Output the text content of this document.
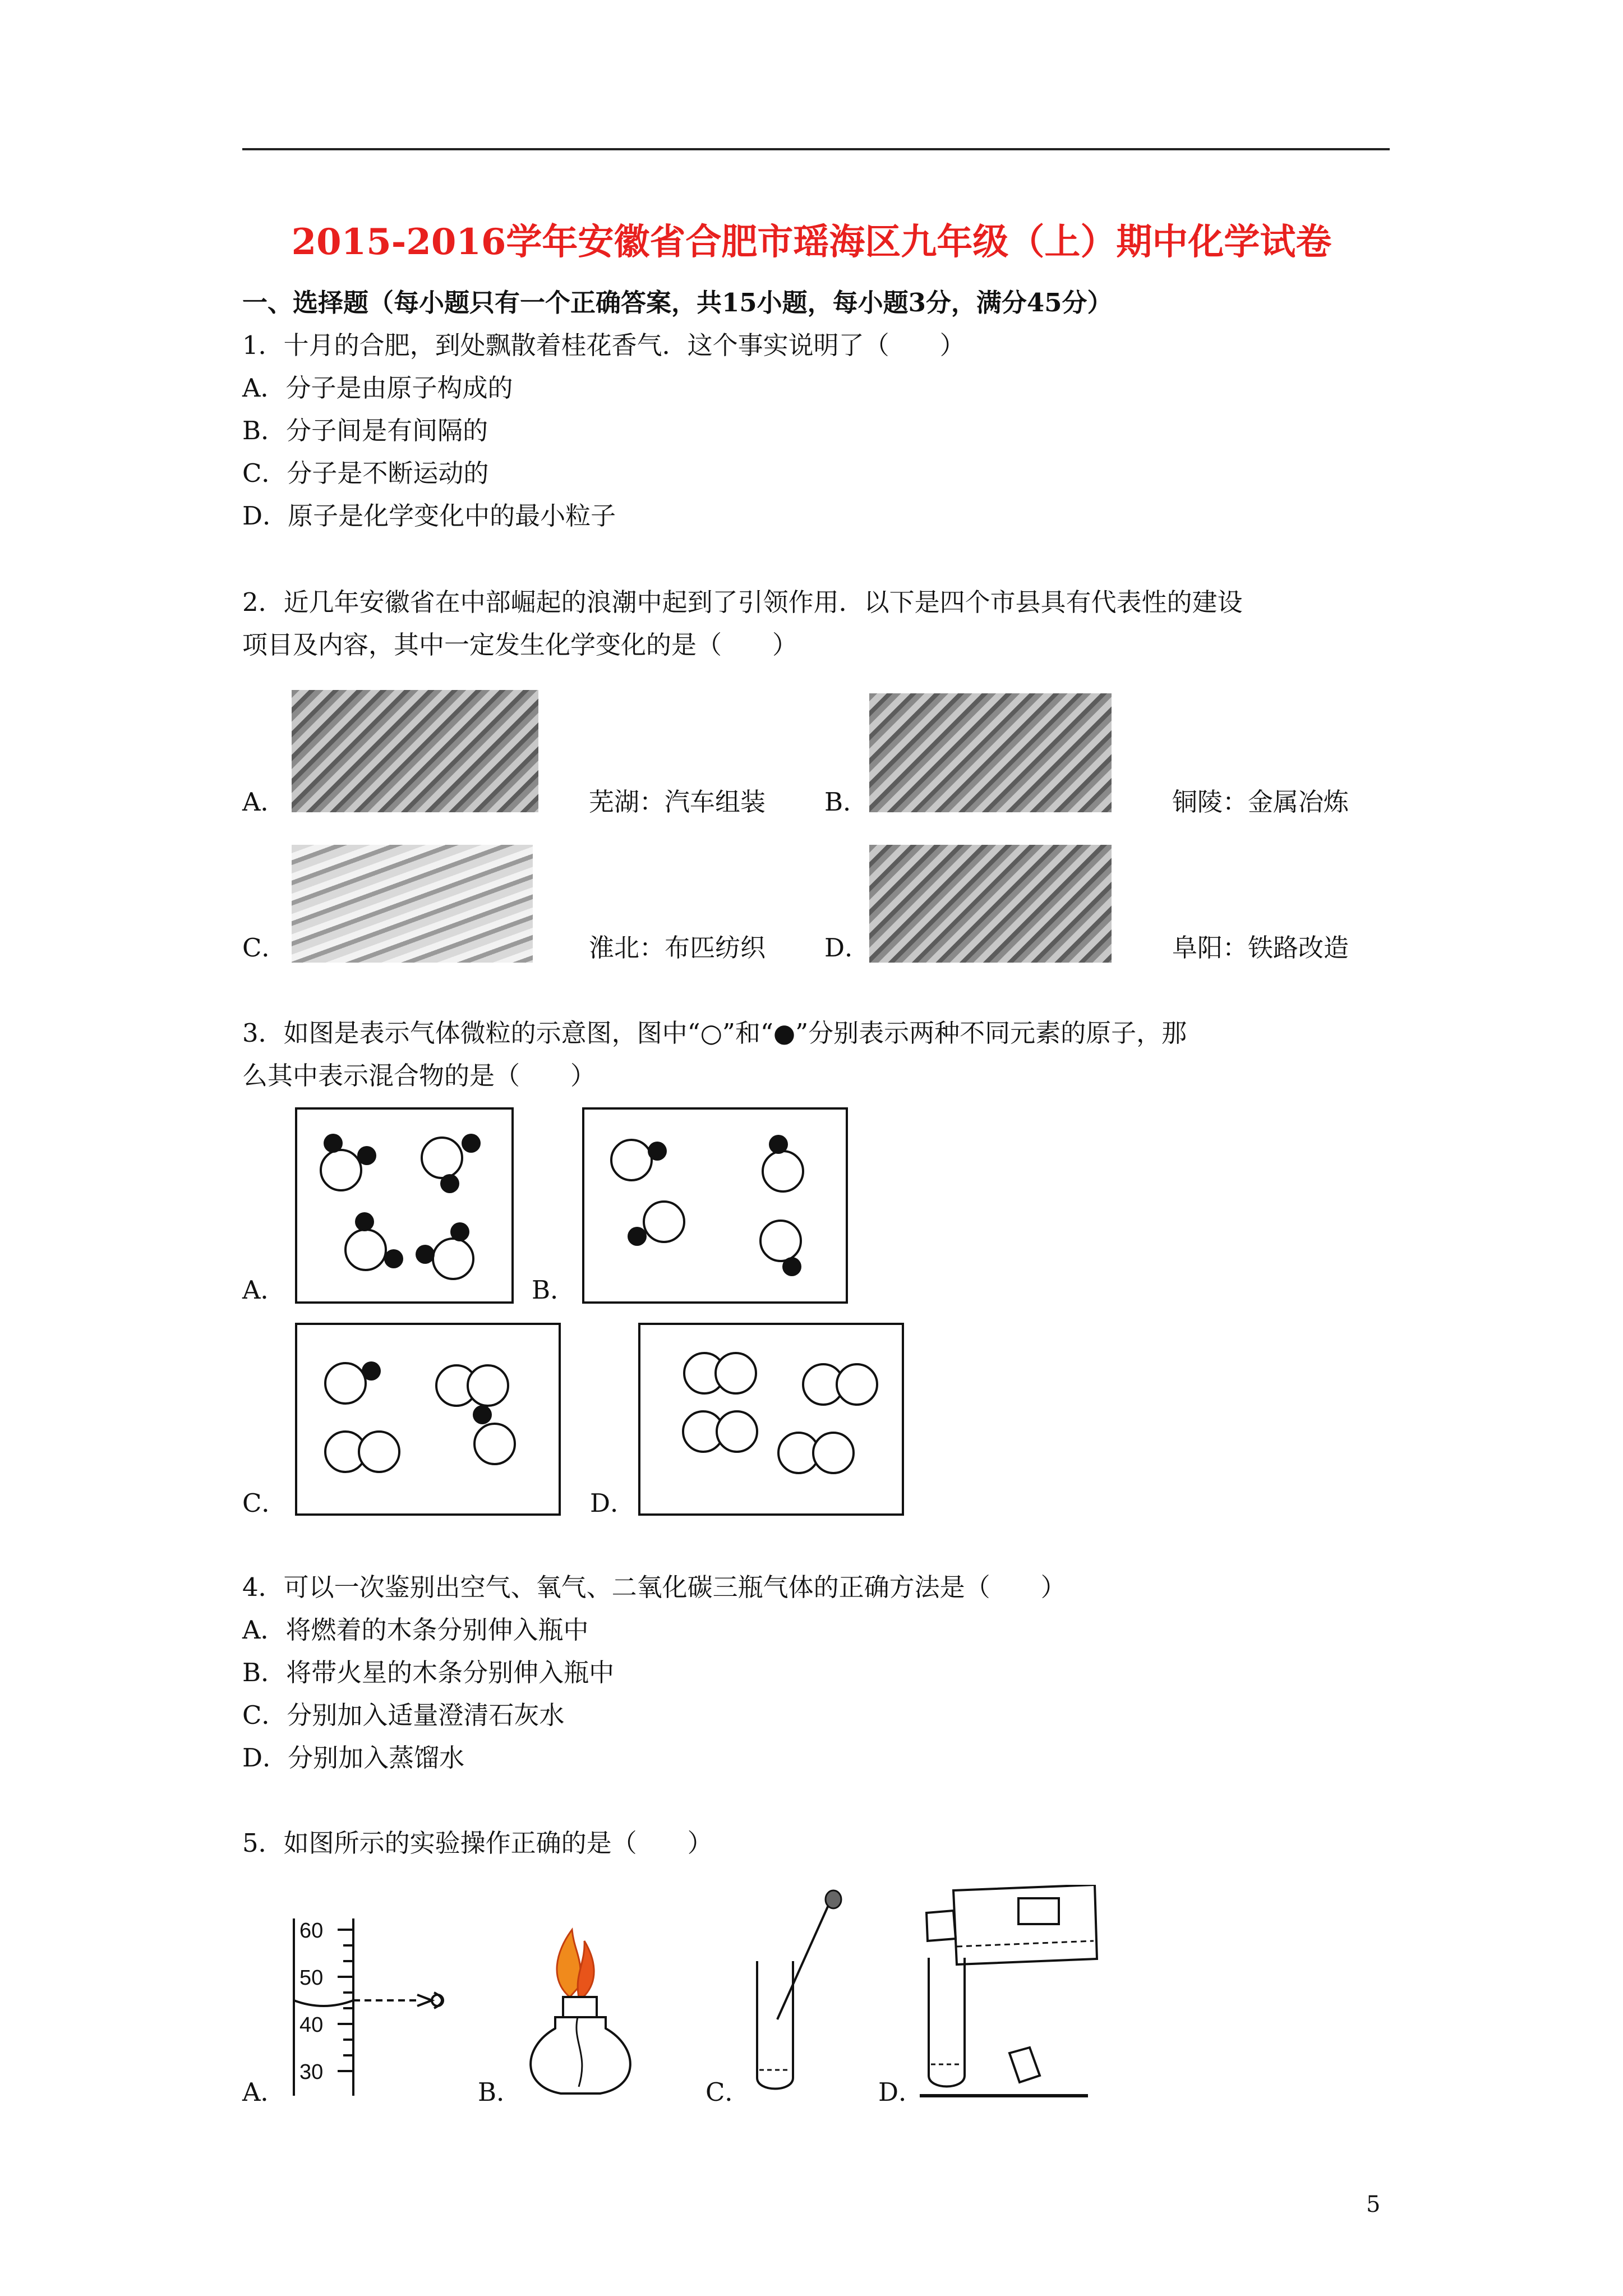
2015-2016学年安徽省合肥市瑶海区九年级（上）期中化学试卷
一、选择题（每小题只有一个正确答案，共15小题，每小题3分，满分45分）
1．十月的合肥，到处飘散着桂花香气．这个事实说明了（　　）
A．分子是由原子构成的
B．分子间是有间隔的
C．分子是不断运动的
D．原子是化学变化中的最小粒子
2．近几年安徽省在中部崛起的浪潮中起到了引领作用．以下是四个市县具有代表性的建设
项目及内容，其中一定发生化学变化的是（　　）
A．	芜湖：汽车组装 B．	铜陵：金属冶炼
C．	淮北：布匹纺织 D．	阜阳：铁路改造
3．如图是表示气体微粒的示意图，图中“○”和“●”分别表示两种不同元素的原子，那
么其中表示混合物的是（　　）
A．	B．
C．	D．
4．可以一次鉴别出空气、氧气、二氧化碳三瓶气体的正确方法是（　　）
A．将燃着的木条分别伸入瓶中
B．将带火星的木条分别伸入瓶中
C．分别加入适量澄清石灰水
D．分别加入蒸馏水
5．如图所示的实验操作正确的是（　　）
A．
60
50
40
30
B．	C．	D．
5
